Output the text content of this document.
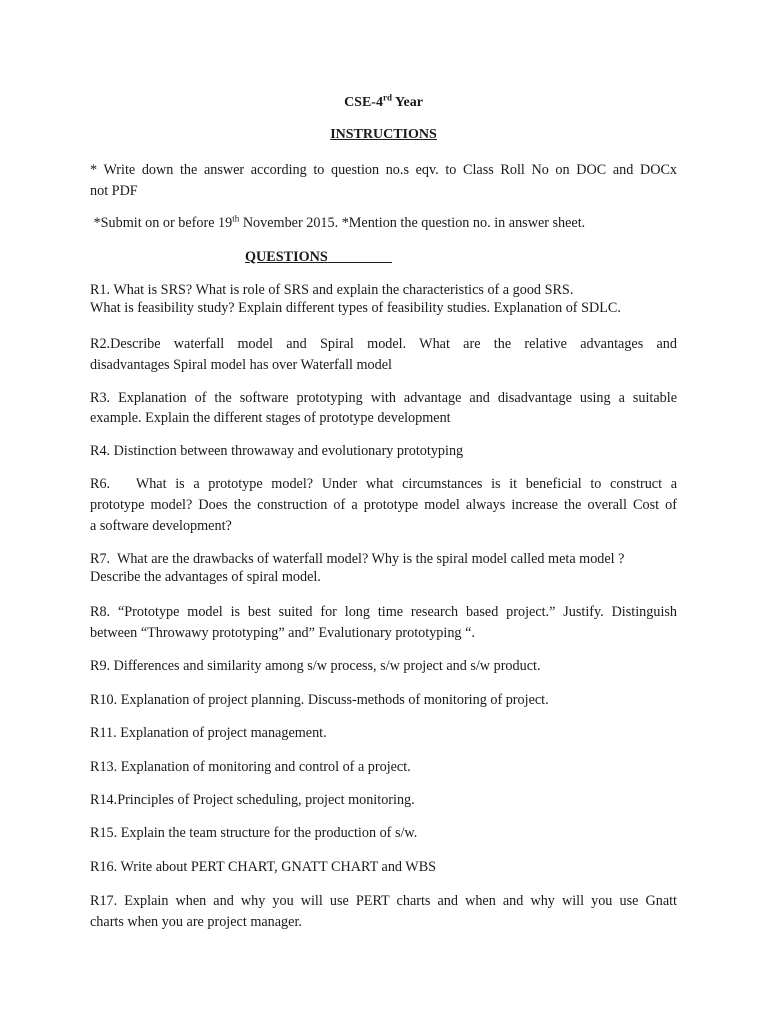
CSE-4rd Year
INSTRUCTIONS
* Write down the answer according to question no.s eqv. to Class Roll No on DOC and DOCx
not PDF
*Submit on or before 19th November 2015. *Mention the question no. in answer sheet.
QUESTIONS
R1. What is SRS? What is role of SRS and explain the characteristics of a good SRS.
What is feasibility study? Explain different types of feasibility studies. Explanation of SDLC.
R2.Describe waterfall model and Spiral model. What are the relative advantages and
disadvantages Spiral model has over Waterfall model
R3. Explanation of the software prototyping with advantage and disadvantage using a suitable
example. Explain the different stages of prototype development
R4. Distinction between throwaway and evolutionary prototyping
R6.   What is a prototype model? Under what circumstances is it beneficial to construct a
prototype model? Does the construction of a prototype model always increase the overall Cost of
a software development?
R7.  What are the drawbacks of waterfall model? Why is the spiral model called meta model ?
Describe the advantages of spiral model.
R8. “Prototype model is best suited for long time research based project.” Justify. Distinguish
between “Throwawy prototyping” and” Evalutionary prototyping “.
R9. Differences and similarity among s/w process, s/w project and s/w product.
R10. Explanation of project planning. Discuss-methods of monitoring of project.
R11. Explanation of project management.
R13. Explanation of monitoring and control of a project.
R14.Principles of Project scheduling, project monitoring.
R15. Explain the team structure for the production of s/w.
R16. Write about PERT CHART, GNATT CHART and WBS
R17. Explain when and why you will use PERT charts and when and why will you use Gnatt
charts when you are project manager.
